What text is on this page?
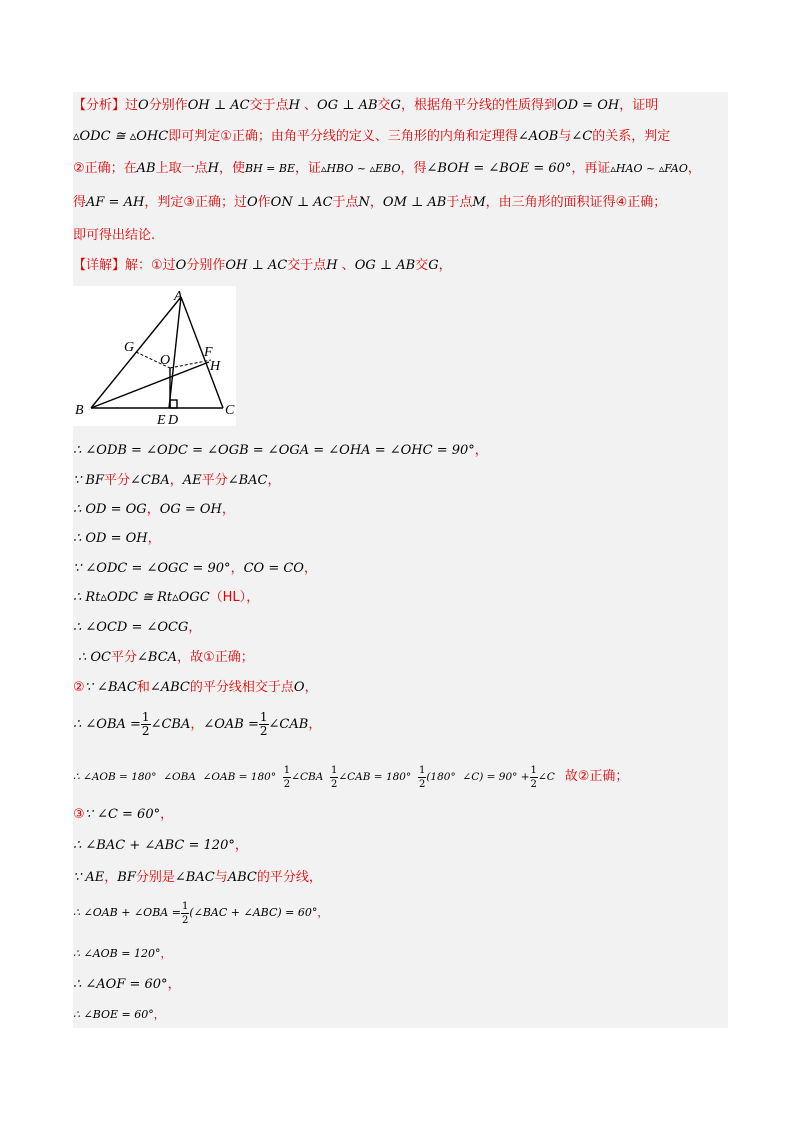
【分析】过O分别作OH ⊥ AC交于点H 、OG ⊥ AB交G，根据角平分线的性质得到OD = OH，证明
▵ODC ≅ ▵OHC即可判定①正确；由角平分线的定义、三角形的内角和定理得∠AOB与∠C的关系，判定
②正确；在AB上取一点H，使BH = BE，证▵HBO ~ ▵EBO，得∠BOH = ∠BOE = 60°，再证▵HAO ~ ▵FAO，
得AF = AH，判定③正确；过O作ON ⊥ AC于点N，OM ⊥ AB于点M，由三角形的面积证得④正确；
即可得出结论.
【详解】解：①过O分别作OH ⊥ AC交于点H 、OG ⊥ AB交G，
A
G
O
F
H
B
E D
C
∴ ∠ODB = ∠ODC = ∠OGB = ∠OGA = ∠OHA = ∠OHC = 90°，
∵ BF平分∠CBA，AE平分∠BAC，
∴ OD = OG，OG = OH，
∴ OD = OH，
∵ ∠ODC = ∠OGC = 90°，CO = CO，
∴ Rt▵ODC ≅ Rt▵OGC（HL），
∴ ∠OCD = ∠OCG，
∴ OC平分∠BCA，故①正确；
②∵ ∠BAC和∠ABC的平分线相交于点O，
∴ ∠OBA = $\frac{1}{2}$ ∠CBA，∠OAB = $\frac{1}{2}$ ∠CAB，
∴ ∠AOB = 180° ∠OBA ∠OAB = $180^\circ \frac{1}{2}$ ∠CBA $\frac{1}{2}$ ∠CAB = $180^\circ \frac{1}{2} (180^\circ$ ∠C) = $90^\circ + \frac{1}{2}$ ∠C 故②正确；
③∵ ∠C = 60°，
∴ ∠BAC + ∠ABC = 120°，
∵ AE，BF分别是∠BAC与ABC的平分线，
∴ ∠OAB + ∠OBA = $\frac{1}{2}$ (∠BAC + ∠ABC) = 60°，
∴ ∠AOB = 120°，
∴ ∠AOF = 60°，
∴ ∠BOE = 60°，
